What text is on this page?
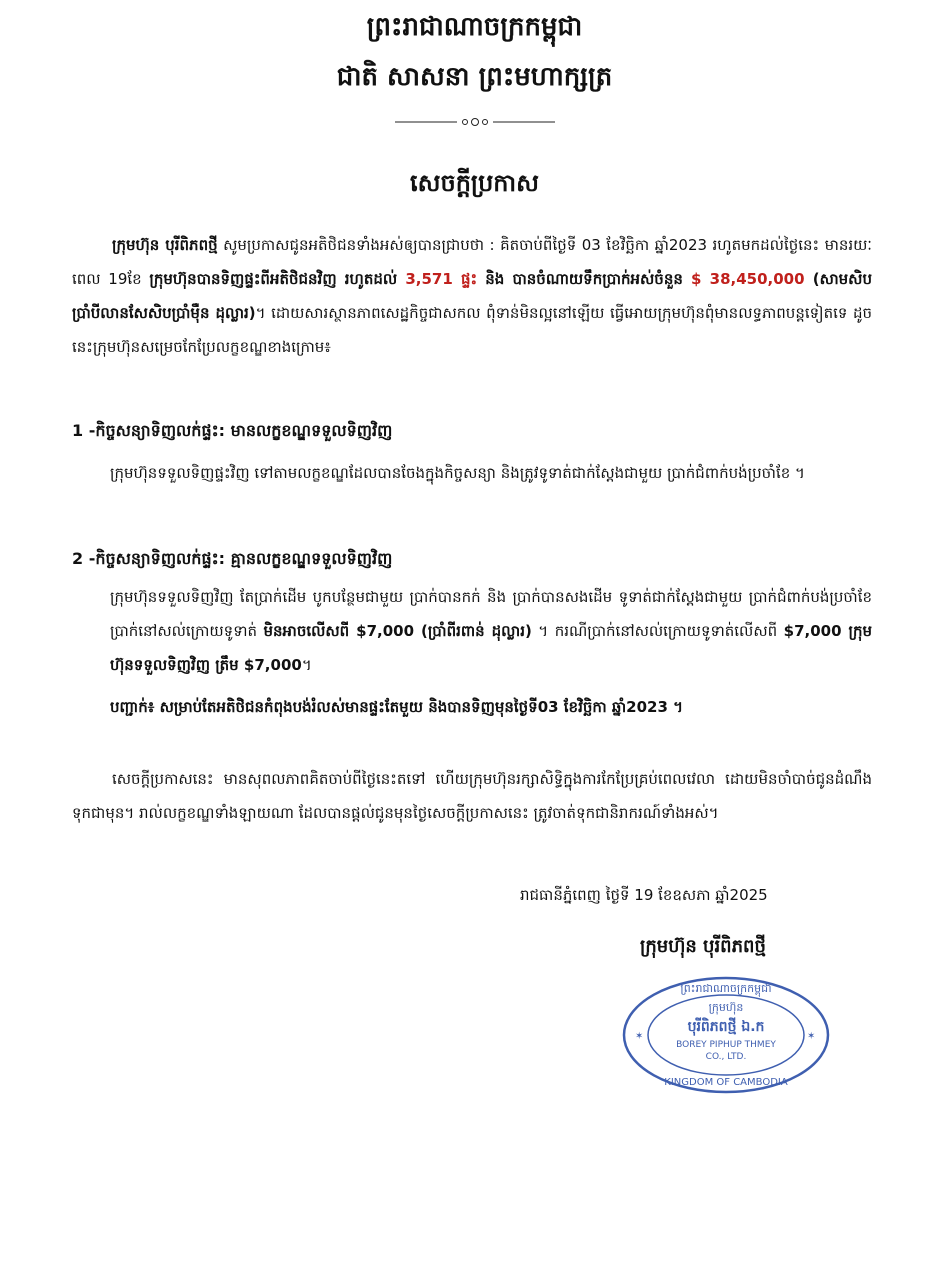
ព្រះរាជាណាចក្រកម្ពុជា
ជាតិ សាសនា ព្រះមហាក្សត្រ
សេចក្ដីប្រកាស
ក្រុមហ៊ុន បុរីពិភពថ្មី សូមប្រកាសជូនអតិថិជនទាំងអស់ឲ្យបានជ្រាបថា : គិតចាប់ពីថ្ងៃទី 03 ខែវិច្ឆិកា ឆ្នាំ2023 រហូតមកដល់ថ្ងៃនេះ មានរយៈពេល 19ខែ ក្រុមហ៊ុនបានទិញផ្ទះពីអតិថិជនវិញ រហូតដល់ 3,571 ផ្ទះ និង បានចំណាយទឹកប្រាក់អស់ចំនួន $ 38,450,000 (សាមសិបប្រាំបីលានសែសិបប្រាំម៉ឺន ដុល្លារ)។ ដោយសារស្ថានភាពសេដ្ឋកិច្ចជាសកល ពុំទាន់មិនល្អនៅឡើយ ធ្វើអោយក្រុមហ៊ុនពុំមានលទ្ធភាពបន្តទៀតទេ ដូចនេះក្រុមហ៊ុនសម្រេចកែប្រែលក្ខខណ្ឌខាងក្រោម៖
1 -កិច្ចសន្យាទិញលក់ផ្ទះ: មានលក្ខខណ្ឌទទួលទិញវិញ
ក្រុមហ៊ុនទទួលទិញផ្ទះវិញ ទៅតាមលក្ខខណ្ឌដែលបានចែងក្នុងកិច្ចសន្យា និងត្រូវទូទាត់ជាក់ស្ដែងជាមួយ ប្រាក់ជំពាក់បង់ប្រចាំខែ ។
2 -កិច្ចសន្យាទិញលក់ផ្ទះ: គ្មានលក្ខខណ្ឌទទួលទិញវិញ
ក្រុមហ៊ុនទទួលទិញវិញ តែប្រាក់ដើម បូកបន្ថែមជាមួយ ប្រាក់បានកក់ និង ប្រាក់បានសងដើម ទូទាត់ជាក់ស្ដែងជាមួយ ប្រាក់ជំពាក់បង់ប្រចាំខែ ប្រាក់នៅសល់ក្រោយទូទាត់ មិនអាចលើសពី $7,000 (ប្រាំពីរពាន់ ដុល្លារ) ។ ករណីប្រាក់នៅសល់ក្រោយទូទាត់លើសពី $7,000 ក្រុមហ៊ុនទទួលទិញវិញ ត្រឹម $7,000។
បញ្ជាក់៖ សម្រាប់តែអតិថិជនកំពុងបង់រំលស់មានផ្ទះតែមួយ និងបានទិញមុនថ្ងៃទី03 ខែវិច្ឆិកា ឆ្នាំ2023 ។
សេចក្ដីប្រកាសនេះ មានសុពលភាពគិតចាប់ពីថ្ងៃនេះតទៅ ហើយក្រុមហ៊ុនរក្សាសិទ្ធិក្នុងការកែប្រែគ្រប់ពេលវេលា ដោយមិនចាំបាច់ជូនដំណឹងទុកជាមុន។ រាល់លក្ខខណ្ឌទាំងឡាយណា ដែលបានផ្ដល់ជូនមុនថ្ងៃសេចក្ដីប្រកាសនេះ ត្រូវចាត់ទុកជានិរាករណ៍ទាំងអស់។
រាជធានីភ្នំពេញ ថ្ងៃទី 19 ខែឧសភា ឆ្នាំ2025
ក្រុមហ៊ុន បុរីពិភពថ្មី
ព្រះរាជាណាចក្រកម្ពុជា
ក្រុមហ៊ុន
បុរីពិភពថ្មី ឯ.ក
BOREY PIPHUP THMEY
CO., LTD.
KINGDOM OF CAMBODIA
✶	✶
